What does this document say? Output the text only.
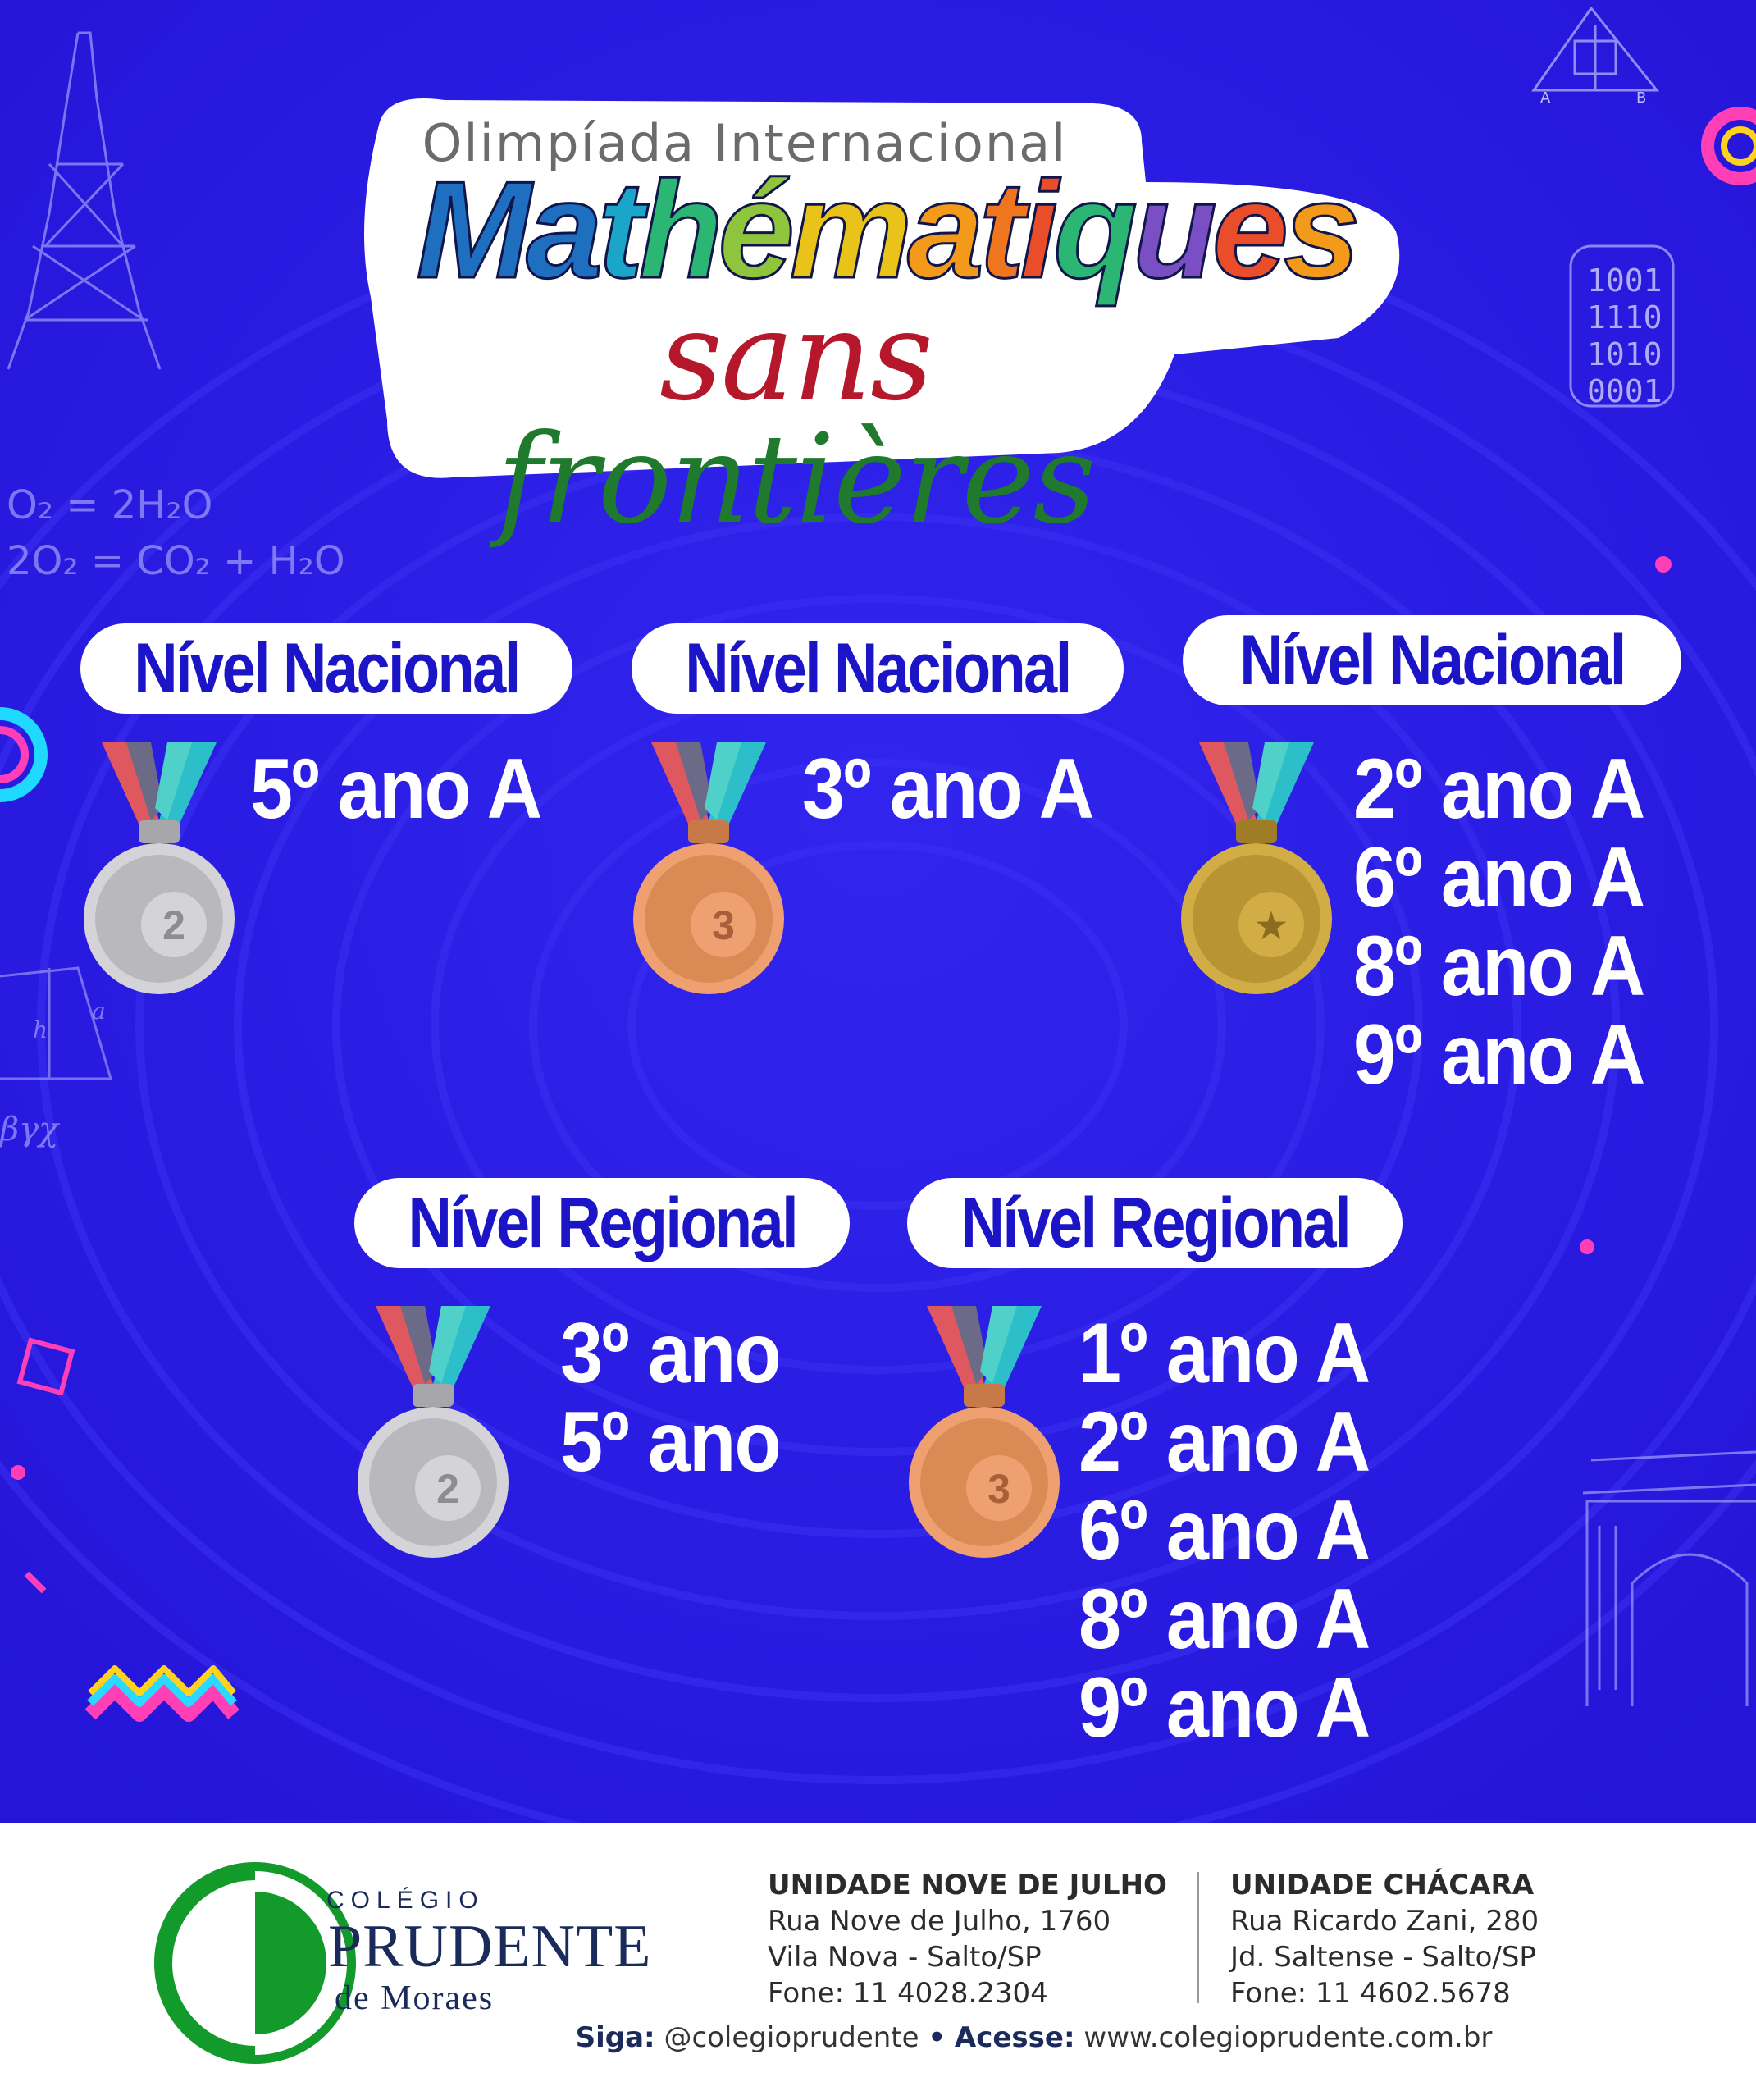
A	B
1001
1110
1010
0001
O₂ = 2H₂O
2O₂ = CO₂ + H₂O
h
a
βγχ
Olimpíada Internacional
Mathématiques
sans frontières
Nível Nacional
2
5º ano A
Nível Nacional
3
3º ano A
Nível Nacional
★
2º ano A
6º ano A
8º ano A
9º ano A
Nível Regional
2
3º ano
5º ano
Nível Regional
3
1º ano A
2º ano A
6º ano A
8º ano A
9º ano A
COLÉGIO
PRUDENTE
de Moraes
UNIDADE NOVE DE JULHO
Rua Nove de Julho, 1760
Vila Nova - Salto/SP
Fone: 11 4028.2304
UNIDADE CHÁCARA
Rua Ricardo Zani, 280
Jd. Saltense - Salto/SP
Fone: 11 4602.5678
Siga: @colegioprudente • Acesse: www.colegioprudente.com.br
